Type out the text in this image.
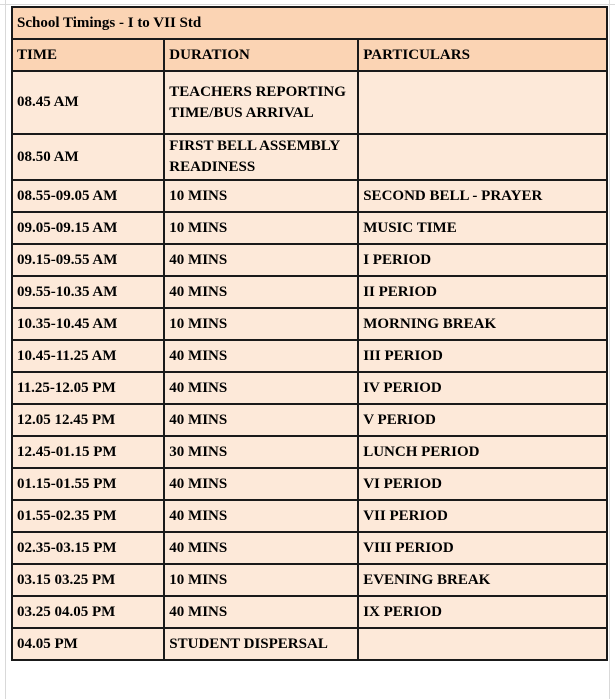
School Timings - I to VII Std		
TIME	DURATION	PARTICULARS
08.45 AM	TEACHERS REPORTING TIME/BUS ARRIVAL	
08.50 AM	FIRST BELL ASSEMBLY READINESS	
08.55-09.05 AM	10 MINS	SECOND BELL - PRAYER
09.05-09.15 AM	10 MINS	MUSIC TIME
09.15-09.55 AM	40 MINS	I PERIOD
09.55-10.35 AM	40 MINS	II PERIOD
10.35-10.45 AM	10 MINS	MORNING BREAK
10.45-11.25 AM	40 MINS	III PERIOD
11.25-12.05 PM	40 MINS	IV PERIOD
12.05 12.45 PM	40 MINS	V PERIOD
12.45-01.15 PM	30 MINS	LUNCH PERIOD
01.15-01.55 PM	40 MINS	VI PERIOD
01.55-02.35 PM	40 MINS	VII PERIOD
02.35-03.15 PM	40 MINS	VIII PERIOD
03.15 03.25 PM	10 MINS	EVENING BREAK
03.25 04.05 PM	40 MINS	IX PERIOD
04.05 PM	STUDENT DISPERSAL	
